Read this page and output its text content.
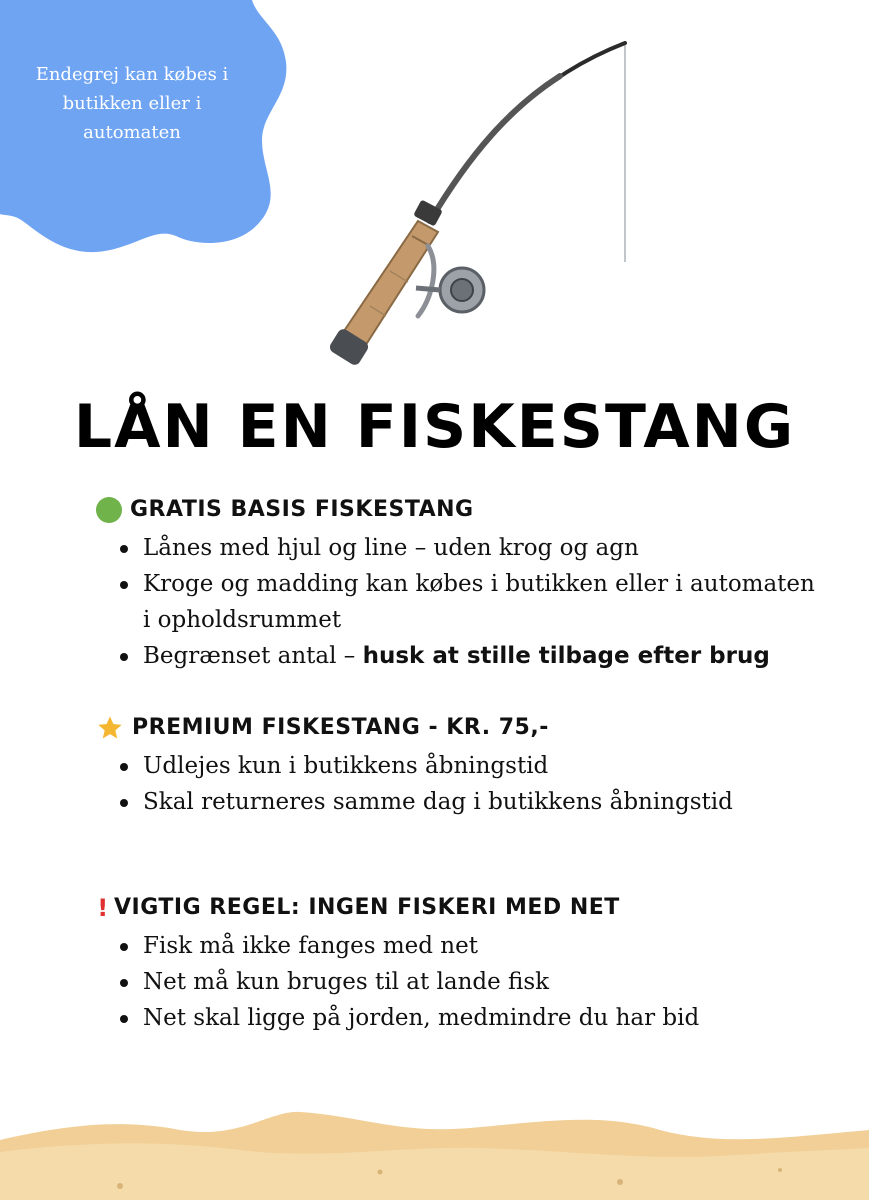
Endegrej kan købes i
butikken eller i
automaten
LÅN EN FISKESTANG
GRATIS BASIS FISKESTANG
Lånes med hjul og line – uden krog og agn
Kroge og madding kan købes i butikken eller i automaten i opholdsrummet
Begrænset antal – husk at stille tilbage efter brug
PREMIUM FISKESTANG - KR. 75,-
Udlejes kun i butikkens åbningstid
Skal returneres samme dag i butikkens åbningstid
! VIGTIG REGEL: INGEN FISKERI MED NET
Fisk må ikke fanges med net
Net må kun bruges til at lande fisk
Net skal ligge på jorden, medmindre du har bid
